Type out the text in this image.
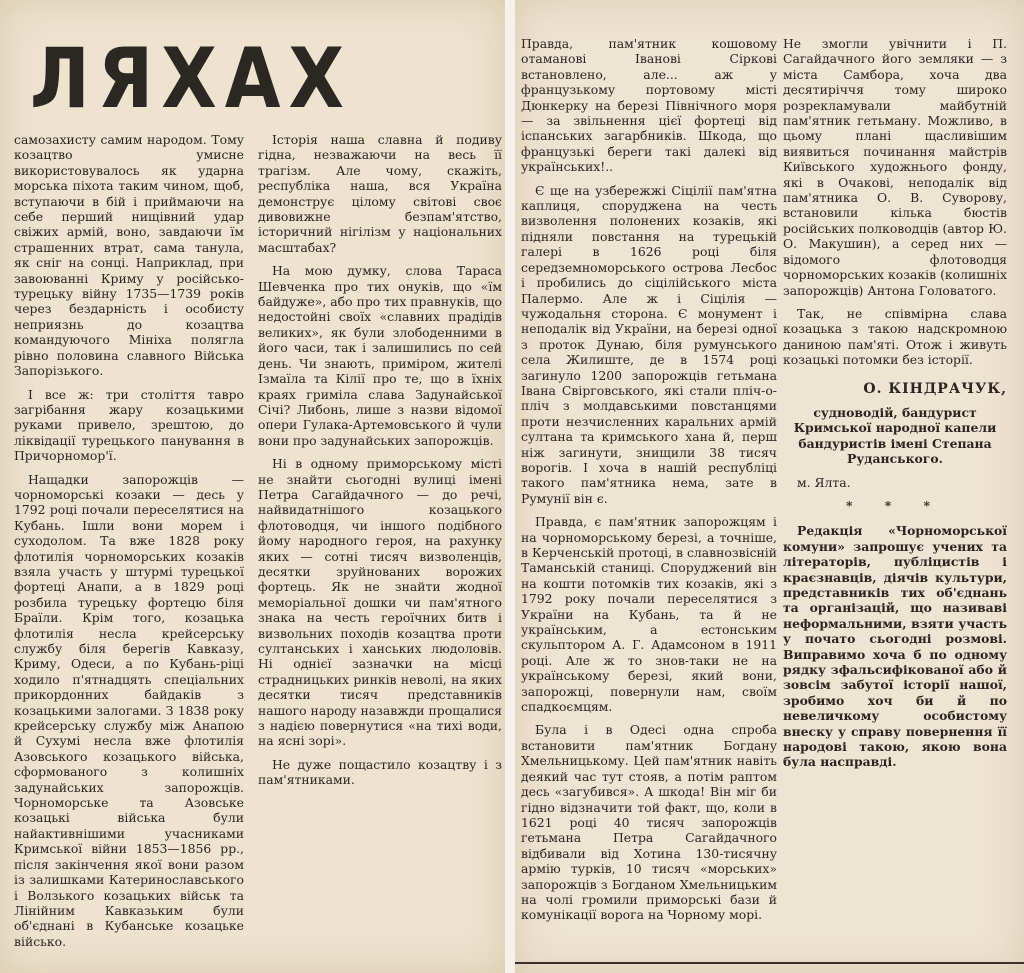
ЛЯХАХ

самозахисту самим народом. Тому козацтво умисне використовувалось як ударна морська піхота таким чином, щоб, вступаючи в бій і приймаючи на себе перший нищівний удар свіжих армій, воно, завдаючи їм страшенних втрат, сама танула, як сніг на сонці. Наприклад, при завоюванні Криму у російсько-турецьку війну 1735—1739 років через бездарність і особисту неприязнь до козацтва командуючого Мініха полягла рівно половина славного Війська Запорізького.

І все ж: три століття тавро загрібання жару козацькими руками привело, зрештою, до ліквідації турецького панування в Причорномор'ї.

Нащадки запорожців — чорноморські козаки — десь у 1792 році почали переселятися на Кубань. Ішли вони морем і суходолом. Та вже 1828 року флотилія чорноморських козаків взяла участь у штурмі турецької фортеці Анапи, а в 1829 році розбила турецьку фортецю біля Браїли. Крім того, козацька флотилія несла крейсерську службу біля берегів Кавказу, Криму, Одеси, а по Кубань-ріці ходило п'ятнадцять спеціальних прикордонних байдаків з козацькими залогами. З 1838 року крейсерську службу між Анапою й Сухумі несла вже флотилія Азовського козацького війська, сформованого з колишніх задунайських запорожців. Чорноморське та Азовське козацькі війська були найактивнішими учасниками Кримської війни 1853—1856 рр., після закінчення якої вони разом із залишками Катеринославського і Волзького козацьких військ та Лінійним Кавказьким були об'єднані в Кубанське козацьке військо.

Історія наша славна й подиву гідна, незважаючи на весь її трагізм. Але чому, скажіть, республіка наша, вся Україна демонструє цілому світові своє дивовижне безпам'ятство, історичний нігілізм у національних масштабах?

На мою думку, слова Тараса Шевченка про тих онуків, що «їм байдуже», або про тих правнуків, що недостойні своїх «славних прадідів великих», як були злободенними в його часи, так і залишились по сей день. Чи знають, приміром, жителі Ізмаїла та Кілії про те, що в їхніх краях гриміла слава Задунайської Січі? Либонь, лише з назви відомої опери Гулака-Артемовського й чули вони про задунайських запорожців.

Ні в одному приморському місті не знайти сьогодні вулиці імені Петра Сагайдачного — до речі, найвидатнішого козацького флотоводця, чи іншого подібного йому народного героя, на рахунку яких — сотні тисяч визволенців, десятки зруйнованих ворожих фортець. Як не знайти жодної меморіальної дошки чи пам'ятного знака на честь героїчних битв і визвольних походів козацтва проти султанських і ханських людоловів. Ні однієї зазначки на місці страдницьких ринків неволі, на яких десятки тисяч представників нашого народу назавжди прощалися з надією повернутися «на тихі води, на ясні зорі».

Не дуже пощастило козацтву і з пам'ятниками.

Правда, пам'ятник кошовому отаманові Іванові Сіркові встановлено, але... аж у французькому портовому місті Дюнкерку на березі Північного моря — за звільнення цієї фортеці від іспанських загарбників. Шкода, що французькі береги такі далекі від українських!..

Є ще на узбережжі Сіцілії пам'ятна каплиця, споруджена на честь визволення полонених козаків, які підняли повстання на турецькій галері в 1626 році біля середземноморського острова Лесбос і пробились до сіцілійського міста Палермо. Але ж і Сіцілія — чужодальня сторона. Є монумент і неподалік від України, на березі одної з проток Дунаю, біля румунського села Жилиште, де в 1574 році загинуло 1200 запорожців гетьмана Івана Свірговського, які стали пліч-о-пліч з молдавськими повстанцями проти незчисленних каральних армій султана та кримського хана й, перш ніж загинути, знищили 38 тисяч ворогів. І хоча в нашій республіці такого пам'ятника нема, зате в Румунії він є.

Правда, є пам'ятник запорожцям і на чорноморському березі, а точніше, в Керченській протоці, в славнозвісній Таманській станиці. Споруджений він на кошти потомків тих козаків, які з 1792 року почали переселятися з України на Кубань, та й не українським, а естонським скульптором А. Г. Адамсоном в 1911 році. Але ж то знов-таки не на українському березі, який вони, запорожці, повернули нам, своїм спадкоємцям.

Була і в Одесі одна спроба встановити пам'ятник Богдану Хмельницькому. Цей пам'ятник навіть деякий час тут стояв, а потім раптом десь «загубився». А шкода! Він міг би гідно відзначити той факт, що, коли в 1621 році 40 тисяч запорожців гетьмана Петра Сагайдачного відбивали від Хотина 130-тисячну армію турків, 10 тисяч «морських» запорожців з Богданом Хмельницьким на чолі громили приморські бази й комунікації ворога на Чорному морі.

Не змогли увічнити і П. Сагайдачного його земляки — з міста Самбора, хоча два десятиріччя тому широко розрекламували майбутній пам'ятник гетьману. Можливо, в цьому плані щасливішим виявиться починання майстрів Київського художнього фонду, які в Очакові, неподалік від пам'ятника О. В. Суворову, встановили кілька бюстів російських полководців (автор Ю. О. Макушин), а серед них — відомого флотоводця чорноморських козаків (колишніх запорожців) Антона Головатого.

Так, не співмірна слава козацька з такою надскромною даниною пам'яті. Отож і живуть козацькі потомки без історії.

О. КІНДРАЧУК,

судноводій, бандурист Кримської народної капели бандуристів імені Степана Руданського.

м. Ялта.

* * *

Редакція «Чорноморської комуни» запрошує учених та літераторів, публіцистів і краєзнавців, діячів культури, представників тих об'єднань та організацій, що називаві неформальними, взяти участь у почато сьогодні розмові. Виправимо хоча б по одному рядку зфальсифікованої або й зовсім забутої історії нашої, зробимо хоч би й по невеличкому особистому внеску у справу повернення її народові такою, якою вона була насправді.
